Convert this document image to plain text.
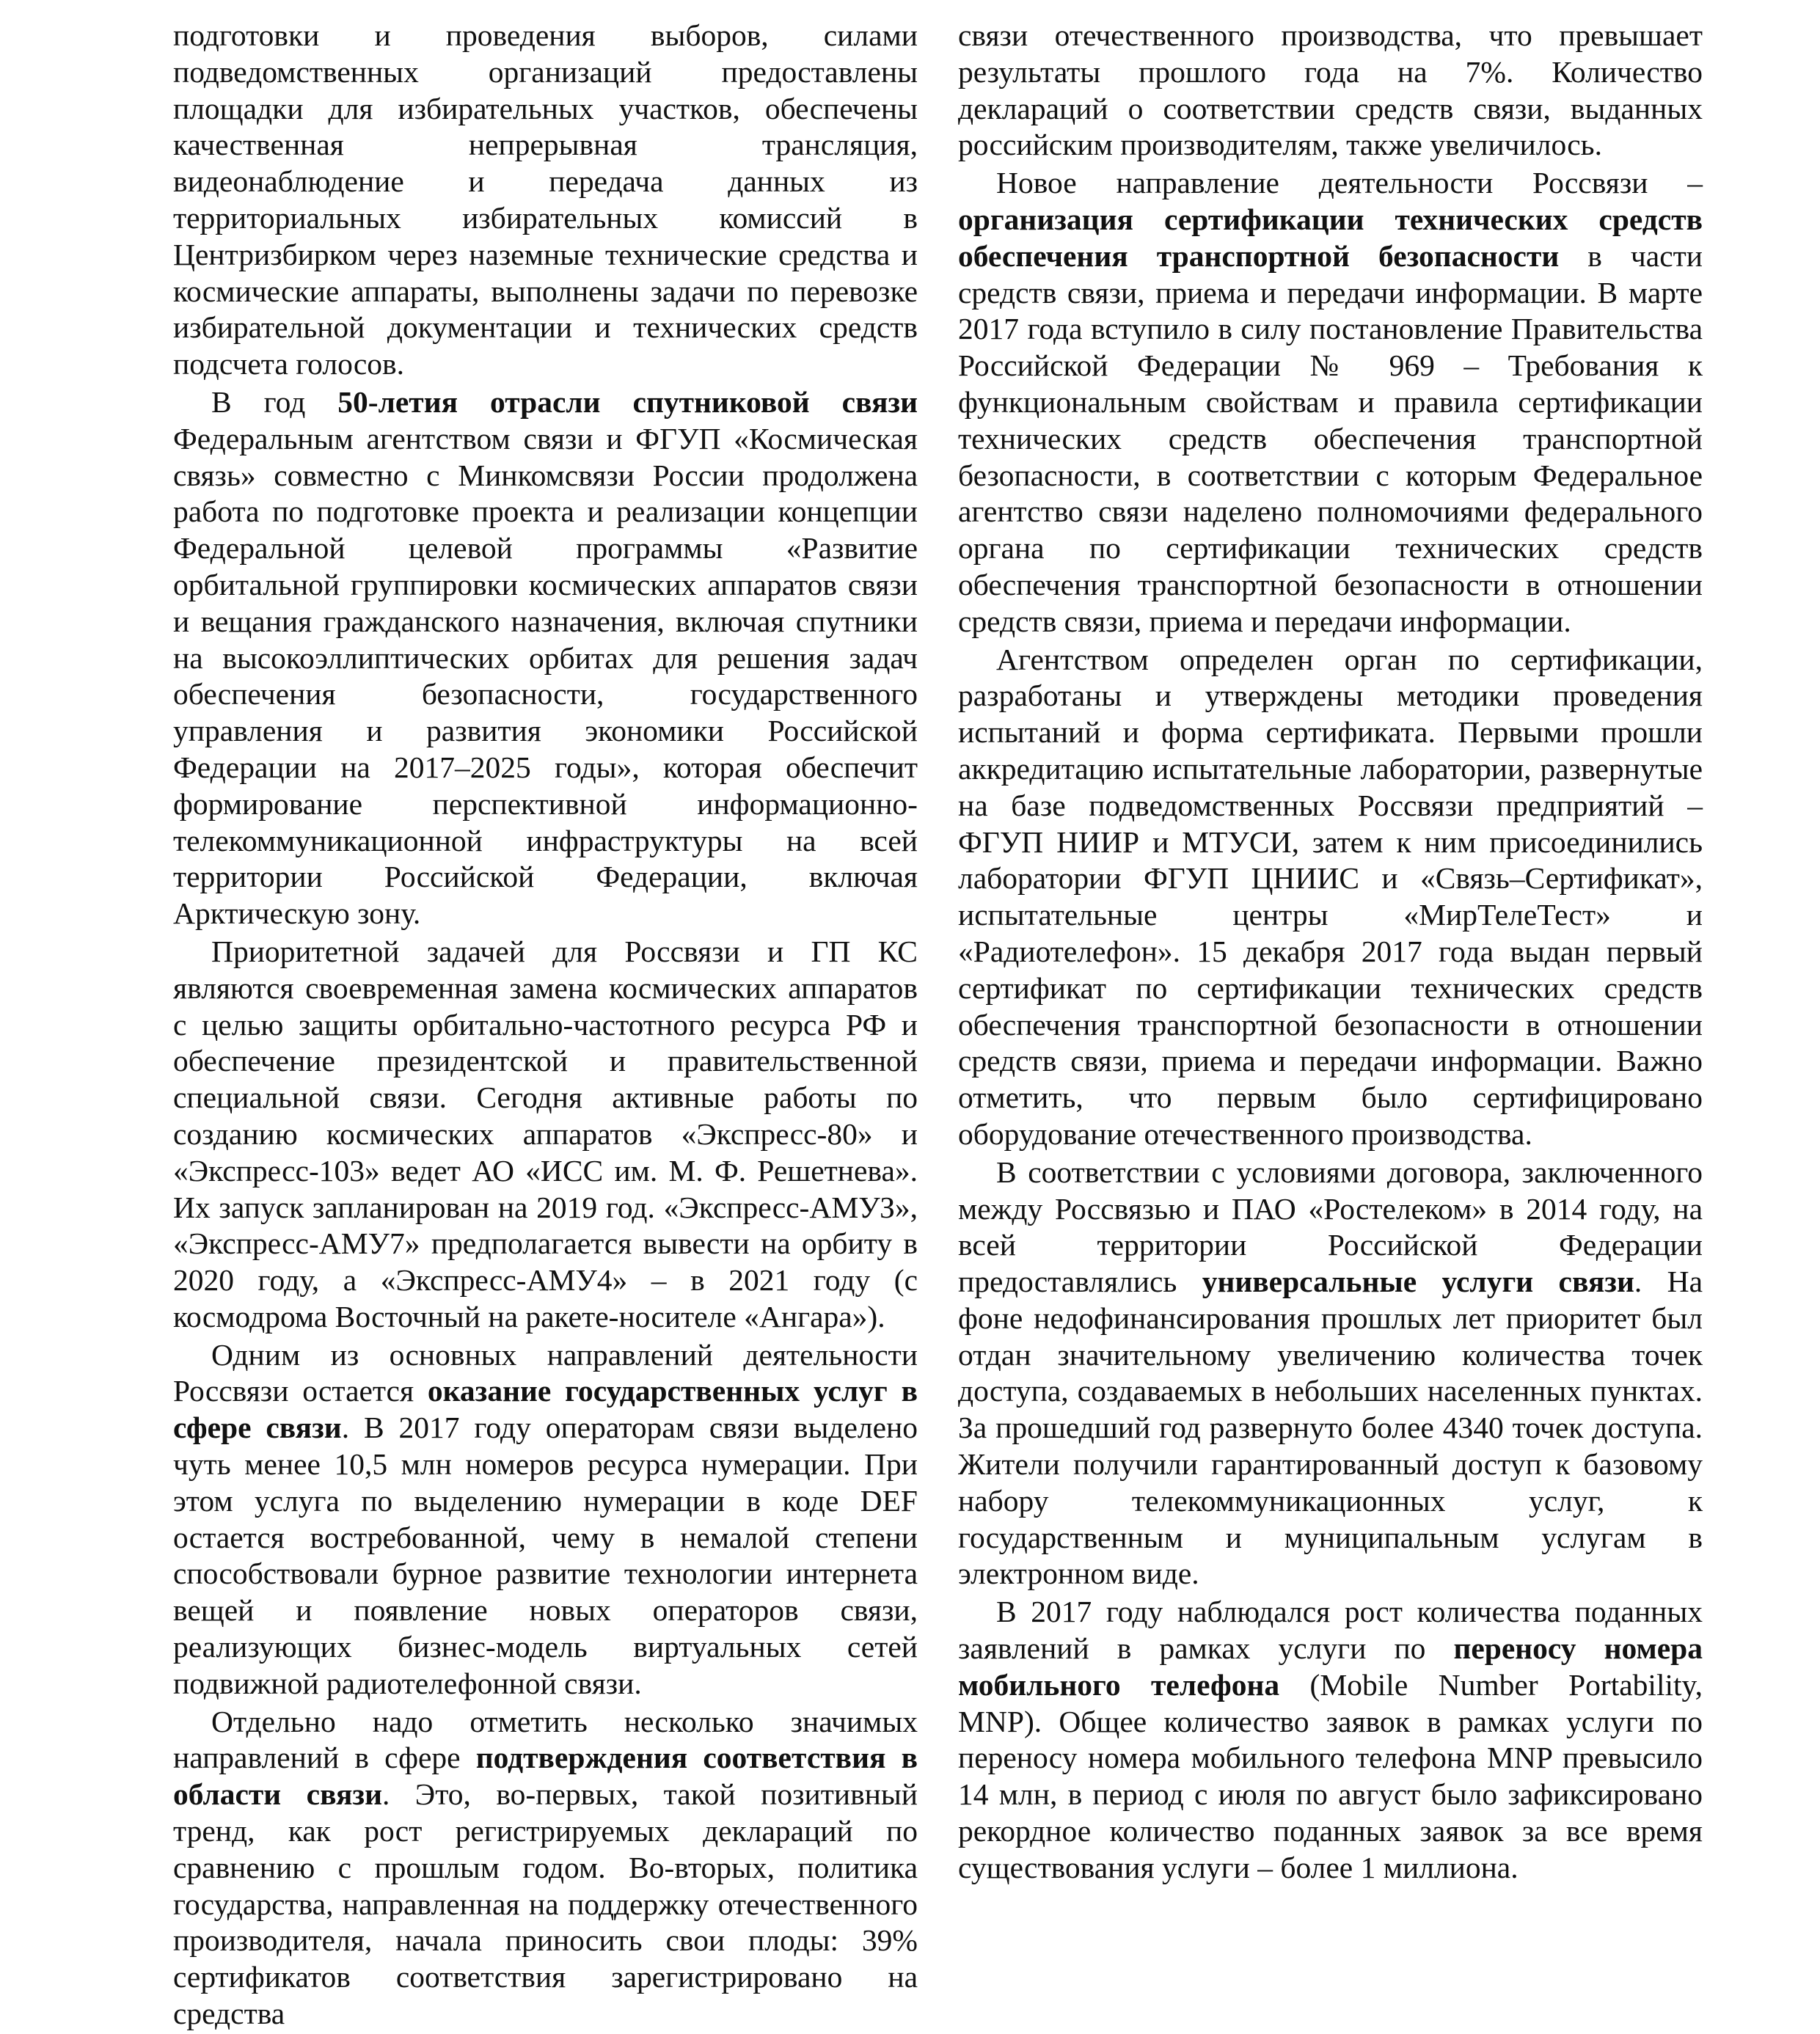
подготовки и проведения выборов, силами подведомственных организаций предоставлены площадки для избирательных участков, обеспечены качественная непрерывная трансляция, видеонаблюдение и передача данных из территориальных избирательных комиссий в Центризбирком через наземные технические средства и космические аппараты, выполнены задачи по перевозке избирательной документации и технических средств подсчета голосов.

В год 50-летия отрасли спутниковой связи Федеральным агентством связи и ФГУП «Космическая связь» совместно с Минкомсвязи России продолжена работа по подготовке проекта и реализации концепции Федеральной целевой программы «Развитие орбитальной группировки космических аппаратов связи и вещания гражданского назначения, включая спутники на высокоэллиптических орбитах для решения задач обеспечения безопасности, государственного управления и развития экономики Российской Федерации на 2017–2025 годы», которая обеспечит формирование перспективной информационно-телекоммуникационной инфраструктуры на всей территории Российской Федерации, включая Арктическую зону.

Приоритетной задачей для Россвязи и ГП КС являются своевременная замена космических аппаратов с целью защиты орбитально-частотного ресурса РФ и обеспечение президентской и правительственной специальной связи. Сегодня активные работы по созданию космических аппаратов «Экспресс-80» и «Экспресс-103» ведет АО «ИСС им. М. Ф. Решетнева». Их запуск запланирован на 2019 год. «Экспресс-АМУЗ», «Экспресс-АМУ7» предполагается вывести на орбиту в 2020 году, а «Экспресс-АМУ4» – в 2021 году (с космодрома Восточный на ракете-носителе «Ангара»).

Одним из основных направлений деятельности Россвязи остается оказание государственных услуг в сфере связи. В 2017 году операторам связи выделено чуть менее 10,5 млн номеров ресурса нумерации. При этом услуга по выделению нумерации в коде DEF остается востребованной, чему в немалой степени способствовали бурное развитие технологии интернета вещей и появление новых операторов связи, реализующих бизнес-модель виртуальных сетей подвижной радиотелефонной связи.

Отдельно надо отметить несколько значимых направлений в сфере подтверждения соответствия в области связи. Это, во-первых, такой позитивный тренд, как рост регистрируемых деклараций по сравнению с прошлым годом. Во-вторых, политика государства, направленная на поддержку отечественного производителя, начала приносить свои плоды: 39% сертификатов соответствия зарегистрировано на средства

связи отечественного производства, что превышает результаты прошлого года на 7%. Количество деклараций о соответствии средств связи, выданных российским производителям, также увеличилось.

Новое направление деятельности Россвязи – организация сертификации технических средств обеспечения транспортной безопасности в части средств связи, приема и передачи информации. В марте 2017 года вступило в силу постановление Правительства Российской Федерации № 969 – Требования к функциональным свойствам и правила сертификации технических средств обеспечения транспортной безопасности, в соответствии с которым Федеральное агентство связи наделено полномочиями федерального органа по сертификации технических средств обеспечения транспортной безопасности в отношении средств связи, приема и передачи информации.

Агентством определен орган по сертификации, разработаны и утверждены методики проведения испытаний и форма сертификата. Первыми прошли аккредитацию испытательные лаборатории, развернутые на базе подведомственных Россвязи предприятий – ФГУП НИИР и МТУСИ, затем к ним присоединились лаборатории ФГУП ЦНИИС и «Связь–Сертификат», испытательные центры «МирТелеТест» и «Радиотелефон». 15 декабря 2017 года выдан первый сертификат по сертификации технических средств обеспечения транспортной безопасности в отношении средств связи, приема и передачи информации. Важно отметить, что первым было сертифицировано оборудование отечественного производства.

В соответствии с условиями договора, заключенного между Россвязью и ПАО «Ростелеком» в 2014 году, на всей территории Российской Федерации предоставлялись универсальные услуги связи. На фоне недофинансирования прошлых лет приоритет был отдан значительному увеличению количества точек доступа, создаваемых в небольших населенных пунктах. За прошедший год развернуто более 4340 точек доступа. Жители получили гарантированный доступ к базовому набору телекоммуникационных услуг, к государственным и муниципальным услугам в электронном виде.

В 2017 году наблюдался рост количества поданных заявлений в рамках услуги по переносу номера мобильного телефона (Mobile Number Portability, MNP). Общее количество заявок в рамках услуги по переносу номера мобильного телефона MNP превысило 14 млн, в период с июля по август было зафиксировано рекордное количество поданных заявок за все время существования услуги – более 1 миллиона.
